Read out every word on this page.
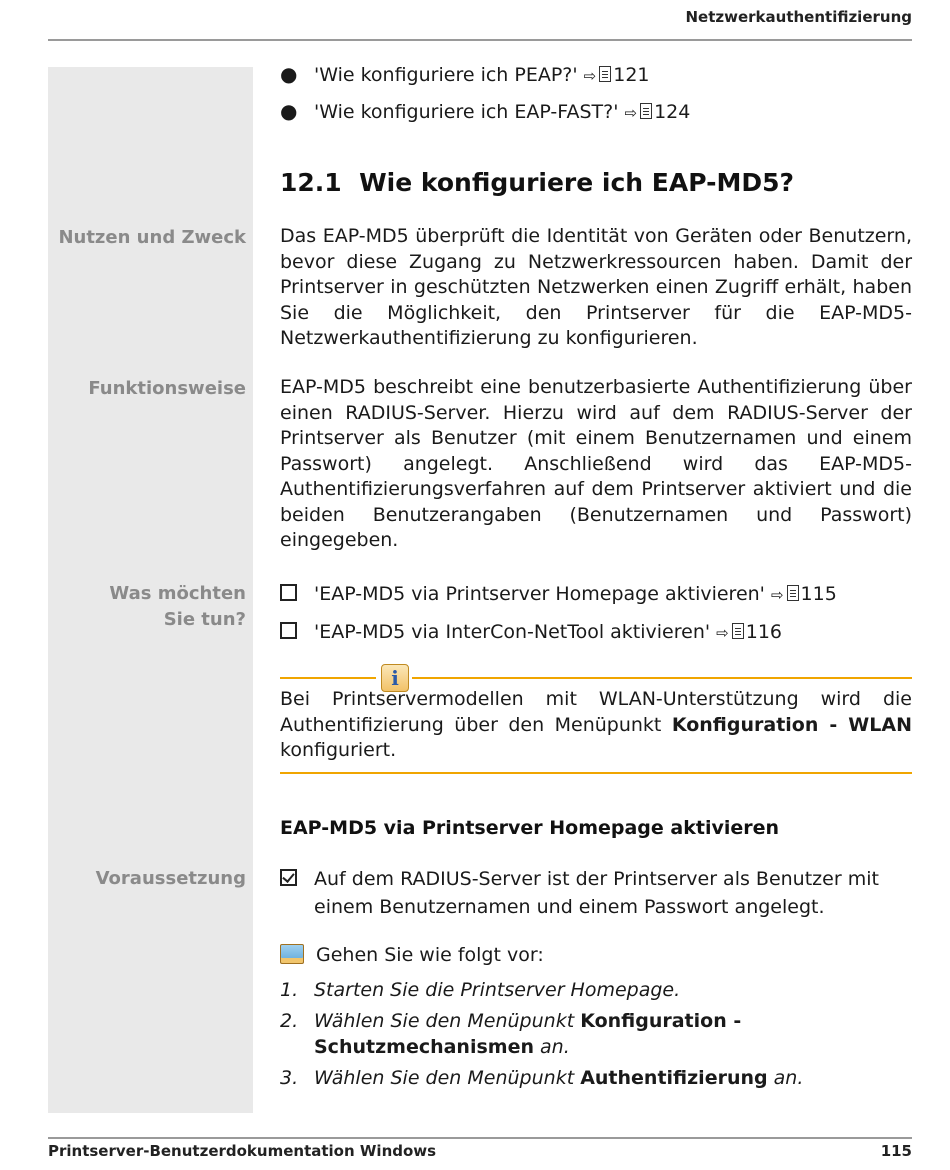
Netzwerkauthentifizierung
● 'Wie konfiguriere ich PEAP?' ⇨ 121
● 'Wie konfiguriere ich EAP-FAST?' ⇨ 124
12.1 Wie konfiguriere ich EAP-MD5?
Nutzen und Zweck Das EAP-MD5 überprüft die Identität von Geräten oder Benutzern, bevor diese Zugang zu Netzwerkressourcen haben. Damit der Printserver in geschützten Netzwerken einen Zugriff erhält, haben Sie die Möglichkeit, den Printserver für die EAP-MD5-Netzwerkauthentifizierung zu konfigurieren.
Funktionsweise EAP-MD5 beschreibt eine benutzerbasierte Authentifizierung über einen RADIUS-Server. Hierzu wird auf dem RADIUS-Server der Printserver als Benutzer (mit einem Benutzernamen und einem Passwort) angelegt. Anschließend wird das EAP-MD5-Authentifizierungsverfahren auf dem Printserver aktiviert und die beiden Benutzerangaben (Benutzernamen und Passwort) eingegeben.
Was möchten
Sie tun?
'EAP-MD5 via Printserver Homepage aktivieren' ⇨ 115
'EAP-MD5 via InterCon-NetTool aktivieren' ⇨ 116
i
Bei Printservermodellen mit WLAN-Unterstützung wird die Authentifizierung über den Menüpunkt Konfiguration - WLAN konfiguriert.
EAP-MD5 via Printserver Homepage aktivieren
Voraussetzung	Auf dem RADIUS-Server ist der Printserver als Benutzer mit
einem Benutzernamen und einem Passwort angelegt.
Gehen Sie wie folgt vor:
1. Starten Sie die Printserver Homepage.
2. Wählen Sie den Menüpunkt Konfiguration - Schutzmechanismen an.
3. Wählen Sie den Menüpunkt Authentifizierung an.
Printserver-Benutzerdokumentation Windows	115
